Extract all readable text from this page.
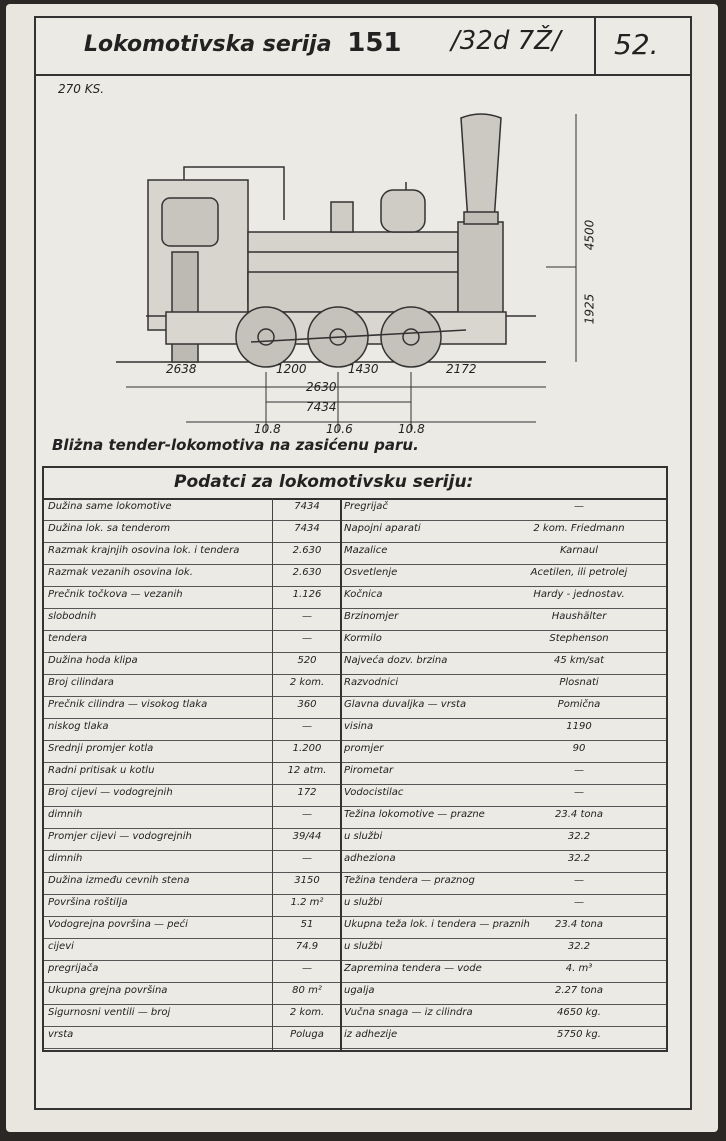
Lokomotivska serija 151 /32d 7Ž/ 52.
270 KS.
2638	1200	1430	2172
2630
7434
4500
1925
10.8	10.6	10.8
Bliżna tender-lokomotiva na zasićenu paru.
Podatci za lokomotivsku seriju:
Dužina same lokomotive	7434	Pregrijač	—
Dužina lok. sa tenderom	7434	Napojni aparati	2 kom. Friedmann
Razmak krajnjih osovina lok. i tendera	2.630	Mazalice	Karnaul
Razmak vezanih osovina lok.	2.630	Osvetlenje	Acetilen, ili petrolej
Prečnik točkova — vezanih	1.126	Kočnica	Hardy - jednostav.
slobodnih	—	Brzinomjer	Haushälter
tendera	—	Kormilo	Stephenson
Dužina hoda klipa	520	Najveća dozv. brzina	45 km/sat
Broj cilindara	2 kom.	Razvodnici	Plosnati
Prečnik cilindra — visokog tlaka	360	Glavna duvaljka — vrsta	Pomična
niskog tlaka	—	visina	1190
Srednji promjer kotla	1.200	promjer	90
Radni pritisak u kotlu	12 atm.	Pirometar	—
Broj cijevi — vodogrejnih	172	Vodocistilac	—
dimnih	—	Težina lokomotive — prazne	23.4 tona
Promjer cijevi — vodogrejnih	39/44	u službi	32.2
dimnih	—	adheziona	32.2
Dužina između cevnih stena	3150	Težina tendera — praznog	—
Površina roštilja	1.2 m²	u službi	—
Vodogrejna površina — peći	51	Ukupna teža lok. i tendera — praznih	23.4 tona
cijevi	74.9	u službi	32.2
pregrijača	—	Zapremina tendera — vode	4. m³
Ukupna grejna površina	80 m²	ugalja	2.27 tona
Sigurnosni ventili — broj	2 kom.	Vučna snaga — iz cilindra	4650 kg.
vrsta	Poluga	iz adhezije	5750 kg.
